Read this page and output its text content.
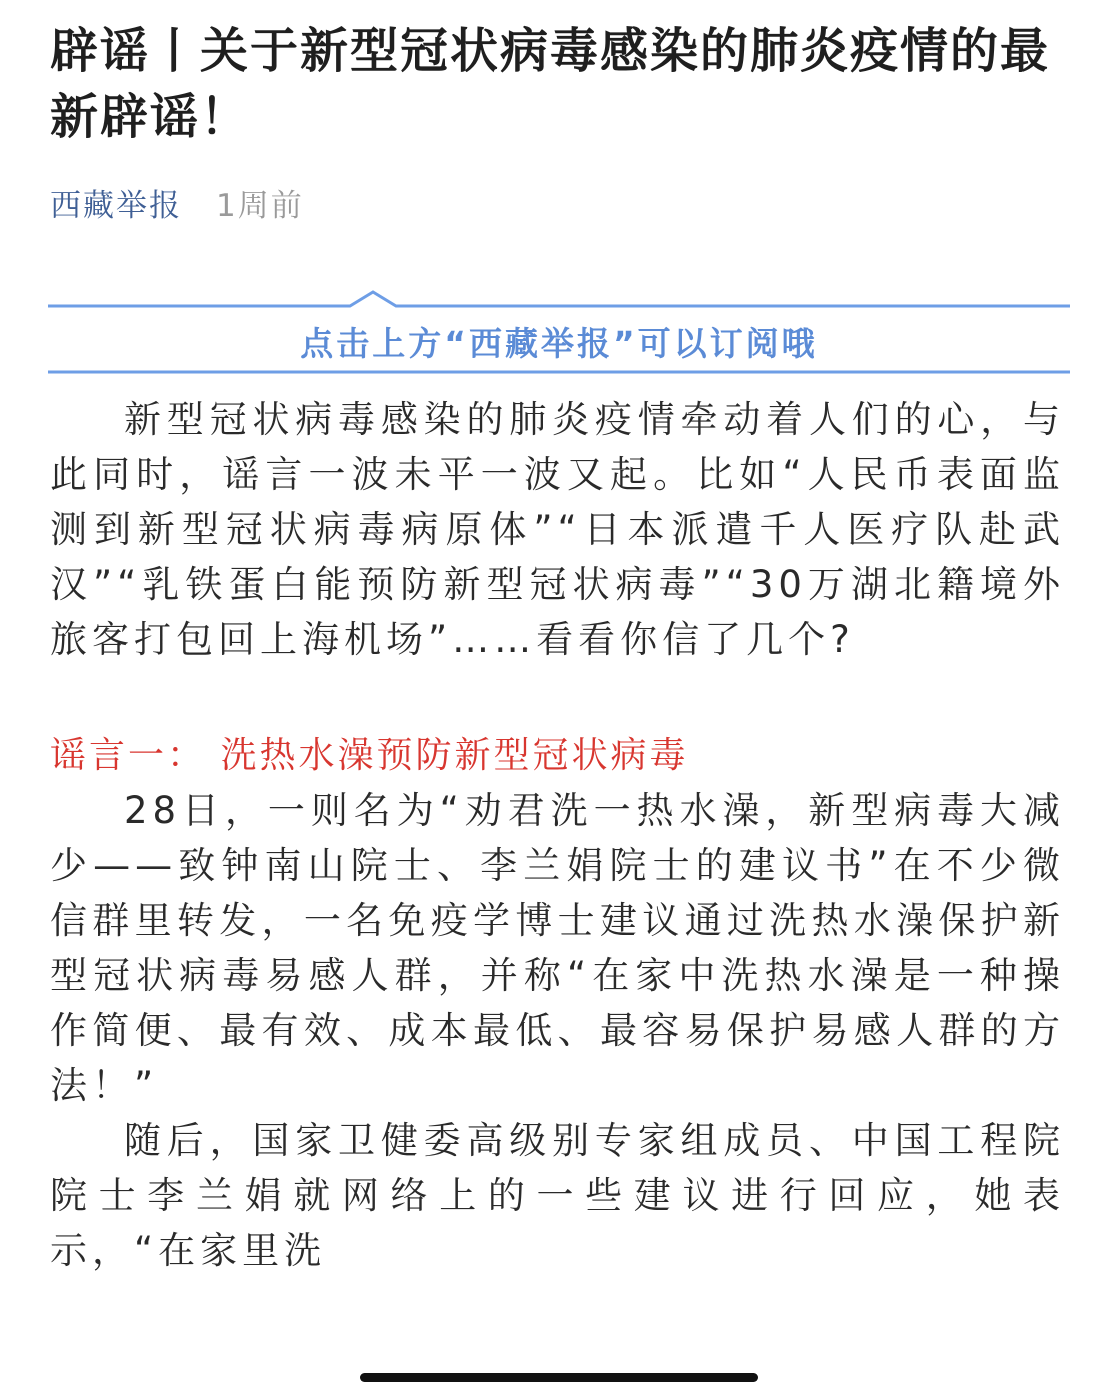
辟谣丨关于新型冠状病毒感染的肺炎疫情的最新辟谣！
西藏举报 1周前
点击上方“西藏举报”可以订阅哦

新型冠状病毒感染的肺炎疫情牵动着人们的心，与此同时，谣言一波未平一波又起。比如“人民币表面监测到新型冠状病毒病原体”“日本派遣千人医疗队赴武汉”“乳铁蛋白能预防新型冠状病毒”“30万湖北籍境外旅客打包回上海机场”……看看你信了几个?

谣言一： 洗热水澡预防新型冠状病毒

28日，一则名为“劝君洗一热水澡，新型病毒大减少——致钟南山院士、李兰娟院士的建议书”在不少微信群里转发，一名免疫学博士建议通过洗热水澡保护新型冠状病毒易感人群，并称“在家中洗热水澡是一种操作简便、最有效、成本最低、最容易保护易感人群的方法！”

随后，国家卫健委高级别专家组成员、中国工程院院士李兰娟就网络上的一些建议进行回应，她表示，“在家里洗
